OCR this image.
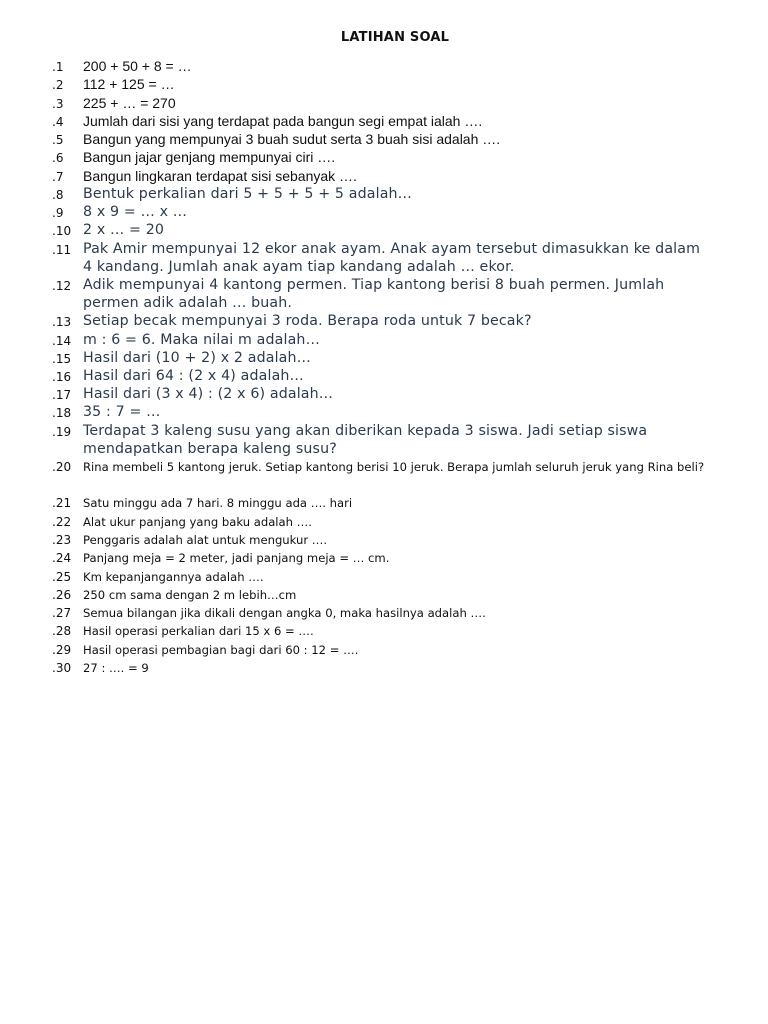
LATIHAN SOAL
.1	200 + 50 + 8 = …
.2	112 + 125 = …
.3	225 + … = 270
.4	Jumlah dari sisi yang terdapat pada bangun segi empat ialah ….
.5	Bangun yang mempunyai 3 buah sudut serta 3 buah sisi adalah ….
.6	Bangun jajar genjang mempunyai ciri ….
.7	Bangun lingkaran terdapat sisi sebanyak ….
.8	Bentuk perkalian dari 5 + 5 + 5 + 5 adalah…
.9	8 x 9 = … x …
.10 2 x … = 20
.11 Pak Amir mempunyai 12 ekor anak ayam. Anak ayam tersebut dimasukkan ke dalam 4 kandang. Jumlah anak ayam tiap kandang adalah … ekor.
.12 Adik mempunyai 4 kantong permen. Tiap kantong berisi 8 buah permen. Jumlah permen adik adalah … buah.
.13 Setiap becak mempunyai 3 roda. Berapa roda untuk 7 becak?
.14 m : 6 = 6. Maka nilai m adalah…
.15 Hasil dari (10 + 2) x 2 adalah…
.16 Hasil dari 64 : (2 x 4) adalah…
.17 Hasil dari (3 x 4) : (2 x 6) adalah…
.18 35 : 7 = …
.19 Terdapat 3 kaleng susu yang akan diberikan kepada 3 siswa. Jadi setiap siswa mendapatkan berapa kaleng susu?
.20	Rina membeli 5 kantong jeruk. Setiap kantong berisi 10 jeruk. Berapa jumlah seluruh jeruk yang Rina beli?
.21	Satu minggu ada 7 hari. 8 minggu ada …. hari
.22	Alat ukur panjang yang baku adalah ….
.23	Penggaris adalah alat untuk mengukur ….
.24	Panjang meja = 2 meter, jadi panjang meja = … cm.
.25	Km kepanjangannya adalah ….
.26	250 cm sama dengan 2 m lebih…cm
.27	Semua bilangan jika dikali dengan angka 0, maka hasilnya adalah ….
.28	Hasil operasi perkalian dari 15 x 6 = ….
.29	Hasil operasi pembagian bagi dari 60 : 12 = ….
.30	27 : …. = 9
